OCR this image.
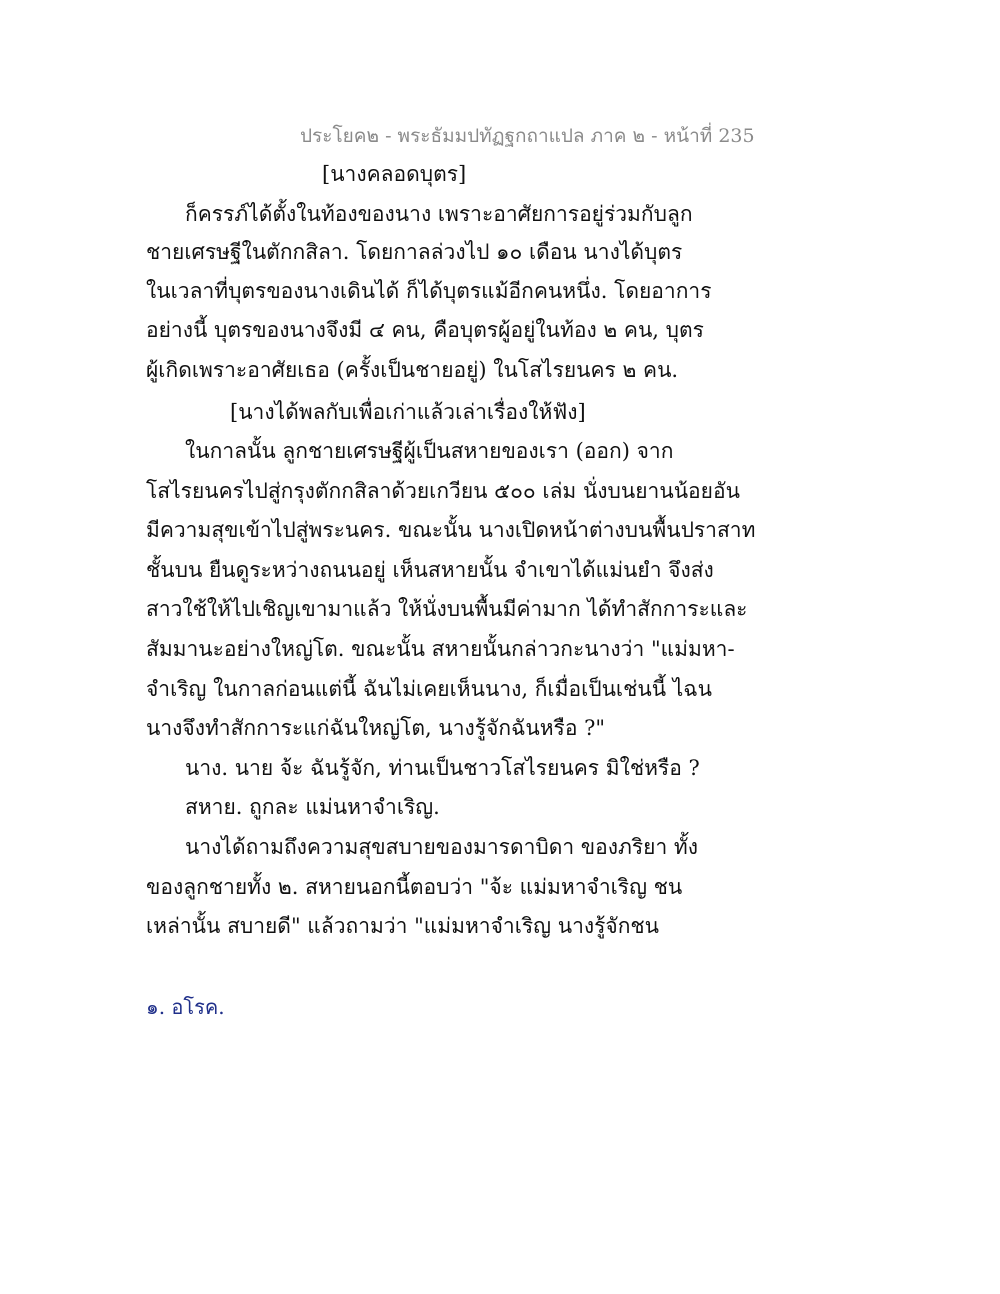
ประโยค๒ - พระธัมมปทัฏฐกถาแปล ภาค ๒ - หน้าที่ 235
[นางคลอดบุตร]
ก็ครรภ์ได้ตั้งในท้องของนาง เพราะอาศัยการอยู่ร่วมกับลูก
ชายเศรษฐีในตักกสิลา. โดยกาลล่วงไป ๑๐ เดือน นางได้บุตร
ในเวลาที่บุตรของนางเดินได้ ก็ได้บุตรแม้อีกคนหนึ่ง. โดยอาการ
อย่างนี้ บุตรของนางจึงมี ๔ คน, คือบุตรผู้อยู่ในท้อง ๒ คน, บุตร
ผู้เกิดเพราะอาศัยเธอ (ครั้งเป็นชายอยู่) ในโสไรยนคร ๒ คน.
[นางได้พลกับเพื่อเก่าแล้วเล่าเรื่องให้ฟัง]
ในกาลนั้น ลูกชายเศรษฐีผู้เป็นสหายของเรา (ออก) จาก
โสไรยนครไปสู่กรุงตักกสิลาด้วยเกวียน ๕๐๐ เล่ม นั่งบนยานน้อยอัน
มีความสุขเข้าไปสู่พระนคร. ขณะนั้น นางเปิดหน้าต่างบนพื้นปราสาท
ชั้นบน ยืนดูระหว่างถนนอยู่ เห็นสหายนั้น จำเขาได้แม่นยำ จึงส่ง
สาวใช้ให้ไปเชิญเขามาแล้ว ให้นั่งบนพื้นมีค่ามาก ได้ทำสักการะและ
สัมมานะอย่างใหญ่โต. ขณะนั้น สหายนั้นกล่าวกะนางว่า "แม่มหา-
จำเริญ ในกาลก่อนแต่นี้ ฉันไม่เคยเห็นนาง, ก็เมื่อเป็นเช่นนี้ ไฉน
นางจึงทำสักการะแก่ฉันใหญ่โต, นางรู้จักฉันหรือ ?"
นาง. นาย จ้ะ ฉันรู้จัก, ท่านเป็นชาวโสไรยนคร มิใช่หรือ ?
สหาย. ถูกละ แม่นหาจำเริญ.
นางได้ถามถึงความสุขสบายของมารดาบิดา ของภริยา ทั้ง
ของลูกชายทั้ง ๒. สหายนอกนี้ตอบว่า "จ้ะ แม่มหาจำเริญ ชน
เหล่านั้น สบายดี" แล้วถามว่า "แม่มหาจำเริญ นางรู้จักชน
๑. อโรค.
